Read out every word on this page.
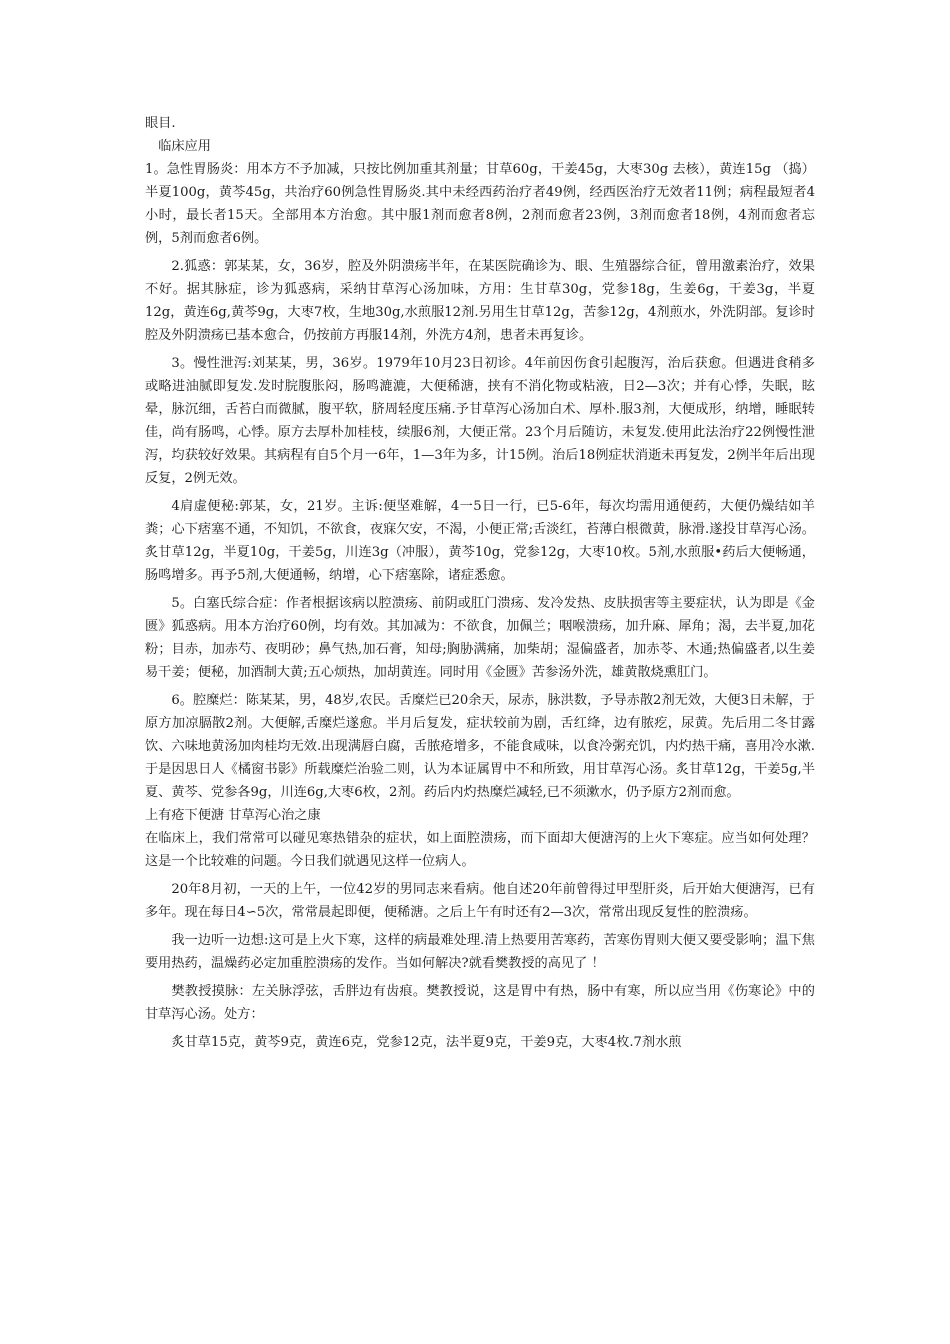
眼目.

临床应用

1。急性胃肠炎：用本方不予加减，只按比例加重其剂量；甘草60g，干姜45g，大枣30g 去核），黄连15g （捣）半夏100g，黄芩45g，共治疗60例急性胃肠炎.其中未经西药治疗者49例，经西医治疗无效者11例；病程最短者4小时，最长者15天。全部用本方治愈。其中服1剂而愈者8例，2剂而愈者23例，3剂而愈者18例，4剂而愈者忘例，5剂而愈者6例。

2.狐惑：郭某某，女，36岁，腔及外阴溃疡半年，在某医院确诊为、眼、生殖器综合征，曾用激素治疗，效果不好。据其脉症，诊为狐惑病，采纳甘草泻心汤加味，方用：生甘草30g，党参18g，生姜6g，干姜3g，半夏12g，黄连6g,黄芩9g，大枣7枚，生地30g,水煎服12剂.另用生甘草12g，苦参12g，4剂煎水，外洗阴部。复诊时腔及外阴溃疡已基本愈合，仍按前方再服14剂，外洗方4剂，患者未再复诊。

3。慢性泄泻:刘某某，男，36岁。1979年10月23日初诊。4年前因伤食引起腹泻，治后获愈。但遇进食稍多或略进油腻即复发.发时脘腹胀闷，肠鸣漉漉，大便稀溏，挟有不消化物或粘液，日2—3次；并有心悸，失眠，眩晕，脉沉细，舌苔白而微腻，腹平软，脐周轻度压痛.予甘草泻心汤加白术、厚朴.服3剂，大便成形，纳增，睡眠转佳，尚有肠鸣，心悸。原方去厚朴加桂枝，续服6剂，大便正常。23个月后随访，未复发.使用此法治疗22例慢性泄泻，均获较好效果。其病程有自5个月一6年，1—3年为多，计15例。治后18例症状消逝未再复发，2例半年后出现反复，2例无效。

4肩虚便秘:郭某，女，21岁。主诉:便坚难解，4一5日一行，已5-6年，每次均需用通便药，大便仍燥结如羊粪；心下痞塞不通，不知饥，不欲食，夜寐欠安，不渴，小便正常;舌淡红，苔薄白根微黄，脉滑.遂投甘草泻心汤。炙甘草12g，半夏10g，干姜5g，川连3g（冲服），黄芩10g，党参12g，大枣10枚。5剂,水煎服•药后大便畅通，肠鸣增多。再予5剂,大便通畅，纳增，心下痞塞除，诸症悉愈。

5。白塞氏综合症：作者根据该病以腔溃疡、前阴或肛门溃疡、发冷发热、皮肤损害等主要症状，认为即是《金匮》狐惑病。用本方治疗60例，均有效。其加减为：不欲食，加佩兰；咽喉溃疡，加升麻、犀角；渴，去半夏,加花粉；目赤，加赤芍、夜明砂；鼻气热,加石膏，知母;胸胁满痛，加柴胡；湿偏盛者，加赤苓、木通;热偏盛者,以生姜易干姜；便秘，加酒制大黄;五心烦热，加胡黄连。同时用《金匮》苦参汤外洗，雄黄散烧熏肛门。

6。腔糜烂：陈某某，男，48岁,农民。舌糜烂已20余天，尿赤，脉洪数，予导赤散2剂无效，大便3日未解，于原方加凉膈散2剂。大便解,舌糜烂遂愈。半月后复发，症状较前为剧，舌红绛，边有脓疙，尿黄。先后用二冬甘露饮、六味地黄汤加肉桂均无效.出现满唇白腐，舌脓疮增多，不能食咸味，以食冷粥充饥，内灼热干痛，喜用冷水漱.于是因思日人《橘窗书影》所载糜烂治验二则，认为本证属胃中不和所致，用甘草泻心汤。炙甘草12g，干姜5g,半夏、黄芩、党参各9g，川连6g,大枣6枚，2剂。药后内灼热糜烂减轻,已不须漱水，仍予原方2剂而愈。

上有疮下便溏 甘草泻心治之康

在临床上，我们常常可以碰见寒热错杂的症状，如上面腔溃疡，而下面却大便溏泻的上火下寒症。应当如何处理？这是一个比较难的问题。今日我们就遇见这样一位病人。

20年8月初，一天的上午，一位42岁的男同志来看病。他自述20年前曾得过甲型肝炎，后开始大便溏泻，已有多年。现在每日4∽5次，常常晨起即便，便稀溏。之后上午有时还有2—3次，常常出现反复性的腔溃疡。

我一边听一边想:这可是上火下寒，这样的病最难处理.清上热要用苦寒药，苦寒伤胃则大便又要受影响；温下焦要用热药，温燥药必定加重腔溃疡的发作。当如何解决?就看樊教授的高见了 ！

樊教授摸脉：左关脉浮弦，舌胖边有齿痕。樊教授说，这是胃中有热，肠中有寒，所以应当用《伤寒论》中的甘草泻心汤。处方：

炙甘草15克，黄芩9克，黄连6克，党参12克，法半夏9克，干姜9克，大枣4枚.7剂水煎
